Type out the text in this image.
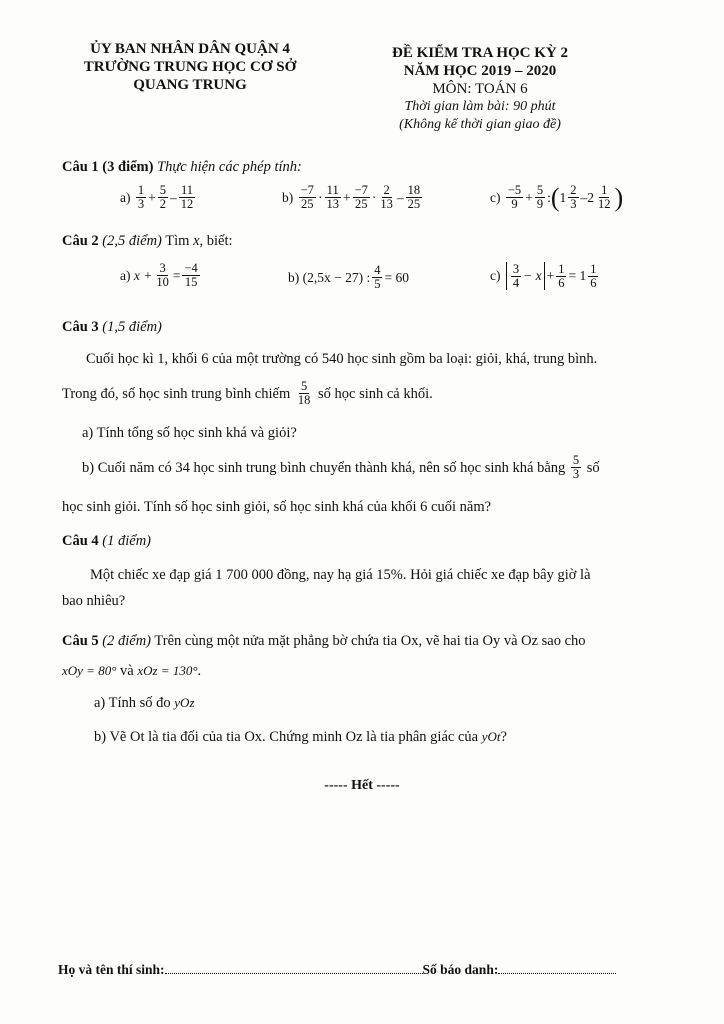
ỦY BAN NHÂN DÂN QUẬN 4
TRƯỜNG TRUNG HỌC CƠ SỞ
QUANG TRUNG
ĐỀ KIỂM TRA HỌC KỲ 2
NĂM HỌC 2019 – 2020
MÔN: TOÁN 6
Thời gian làm bài: 90 phút
(Không kể thời gian giao đề)
Câu 1 (3 điểm) Thực hiện các phép tính:
a)
$\frac{1}{3} + \frac{5}{2} - \frac{11}{12}$	b)
$\frac{-7}{25} \cdot \frac{11}{13} + \frac{-7}{25} \cdot \frac{2}{13} - \frac{18}{25}$	c)
$\frac{-5}{9} + \frac{5}{9}$ : ( $1 \frac{2}{3} - 2 \frac{1}{12}$ )
Câu 2 (2,5 điểm) Tìm x, biết:
a)
$x + \frac{3}{10} = \frac{-4}{15}$	b)
(2,5x − 27) : $\frac{4}{5} = 60$	c)
$\frac{3}{4} - x + \frac{1}{6} = 1 \frac{1}{6}$
Câu 3 (1,5 điểm)
Cuối học kì 1, khối 6 của một trường có 540 học sinh gồm ba loại: giỏi, khá, trung bình.
Trong đó, số học sinh trung bình chiếm
$\frac{5}{18}$
số học sinh cả khối.
a) Tính tổng số học sinh khá và giỏi?
b) Cuối năm có 34 học sinh trung bình chuyển thành khá, nên số học sinh khá bằng
$\frac{5}{3}$
số
học sinh giỏi. Tính số học sinh giỏi, số học sinh khá của khối 6 cuối năm?
Câu 4 (1 điểm)
Một chiếc xe đạp giá 1 700 000 đồng, nay hạ giá 15%. Hỏi giá chiếc xe đạp bây giờ là
bao nhiêu?
Câu 5 (2 điểm) Trên cùng một nửa mặt phẳng bờ chứa tia Ox, vẽ hai tia Oy và Oz sao cho
xOy = 80° và xOz = 130°.
a) Tính số đo yOz
b) Vẽ Ot là tia đối của tia Ox. Chứng minh Oz là tia phân giác của yOt?
----- Hết -----
Họ và tên thí sinh:	Số báo danh:
